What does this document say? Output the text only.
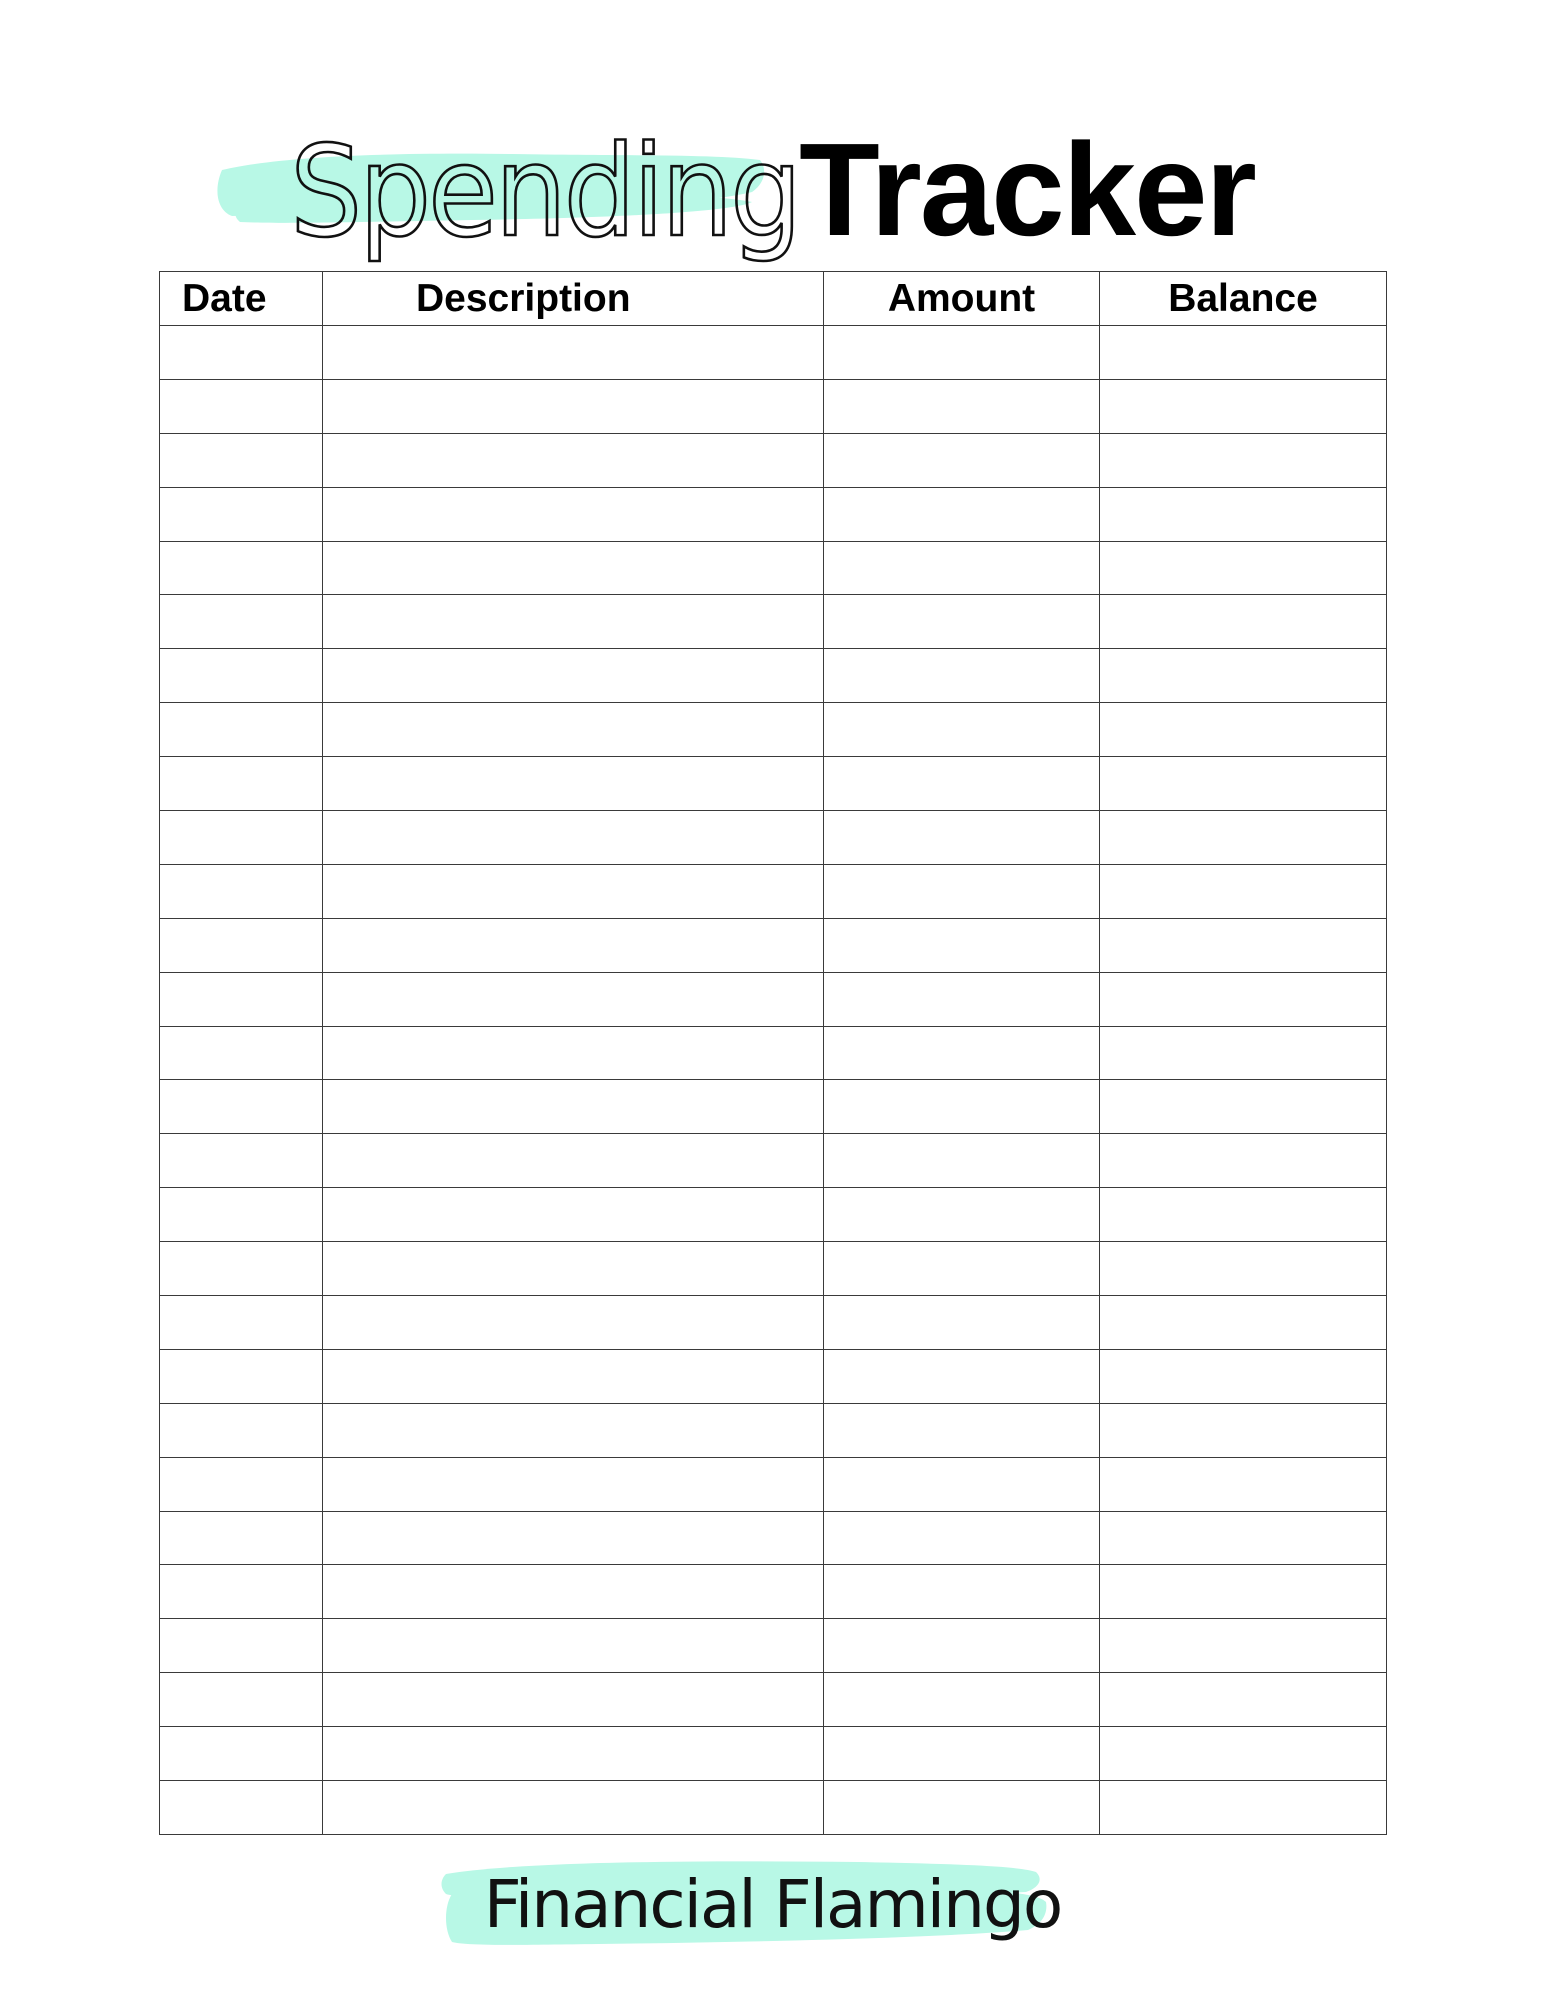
SpendingTracker
Date	Description	Amount	Balance

Financial Flamingo
